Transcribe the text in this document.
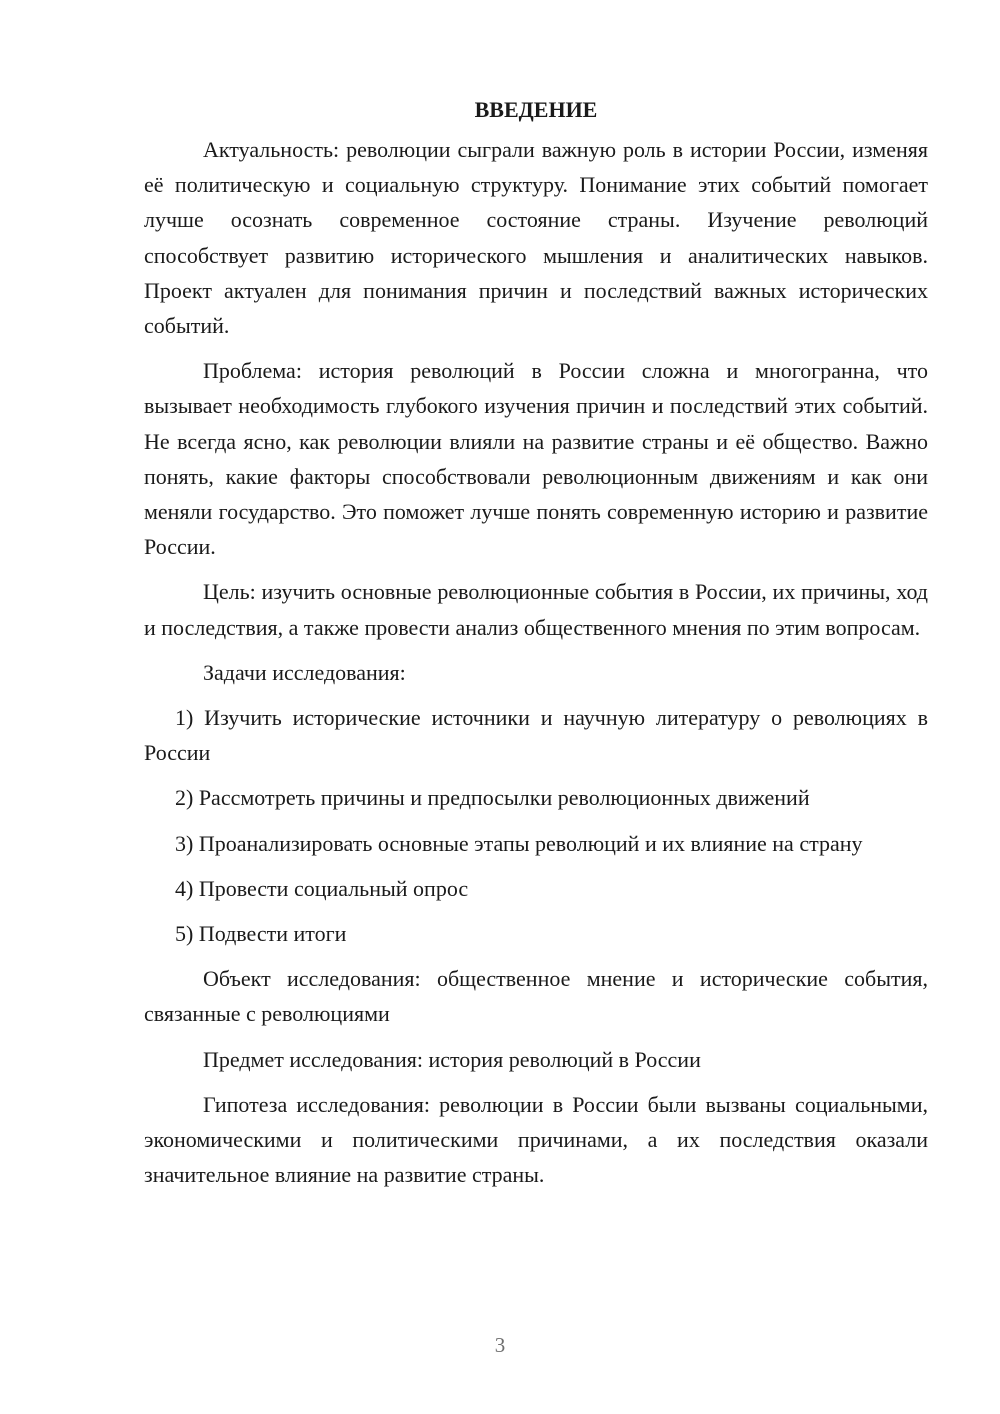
ВВЕДЕНИЕ

Актуальность: революции сыграли важную роль в истории России, изменяя её политическую и социальную структуру. Понимание этих событий помогает лучше осознать современное состояние страны. Изучение революций способствует развитию исторического мышления и аналитических навыков. Проект актуален для понимания причин и последствий важных исторических событий.

Проблема: история революций в России сложна и многогранна, что вызывает необходимость глубокого изучения причин и последствий этих событий. Не всегда ясно, как революции влияли на развитие страны и её общество. Важно понять, какие факторы способствовали революционным движениям и как они меняли государство. Это поможет лучше понять современную историю и развитие России.

Цель: изучить основные революционные события в России, их причины, ход и последствия, а также провести анализ общественного мнения по этим вопросам.

Задачи исследования:

1) Изучить исторические источники и научную литературу о революциях в России

2) Рассмотреть причины и предпосылки революционных движений

3) Проанализировать основные этапы революций и их влияние на страну

4) Провести социальный опрос

5) Подвести итоги

Объект исследования: общественное мнение и исторические события, связанные с революциями

Предмет исследования: история революций в России

Гипотеза исследования: революции в России были вызваны социальными, экономическими и политическими причинами, а их последствия оказали значительное влияние на развитие страны.

3
